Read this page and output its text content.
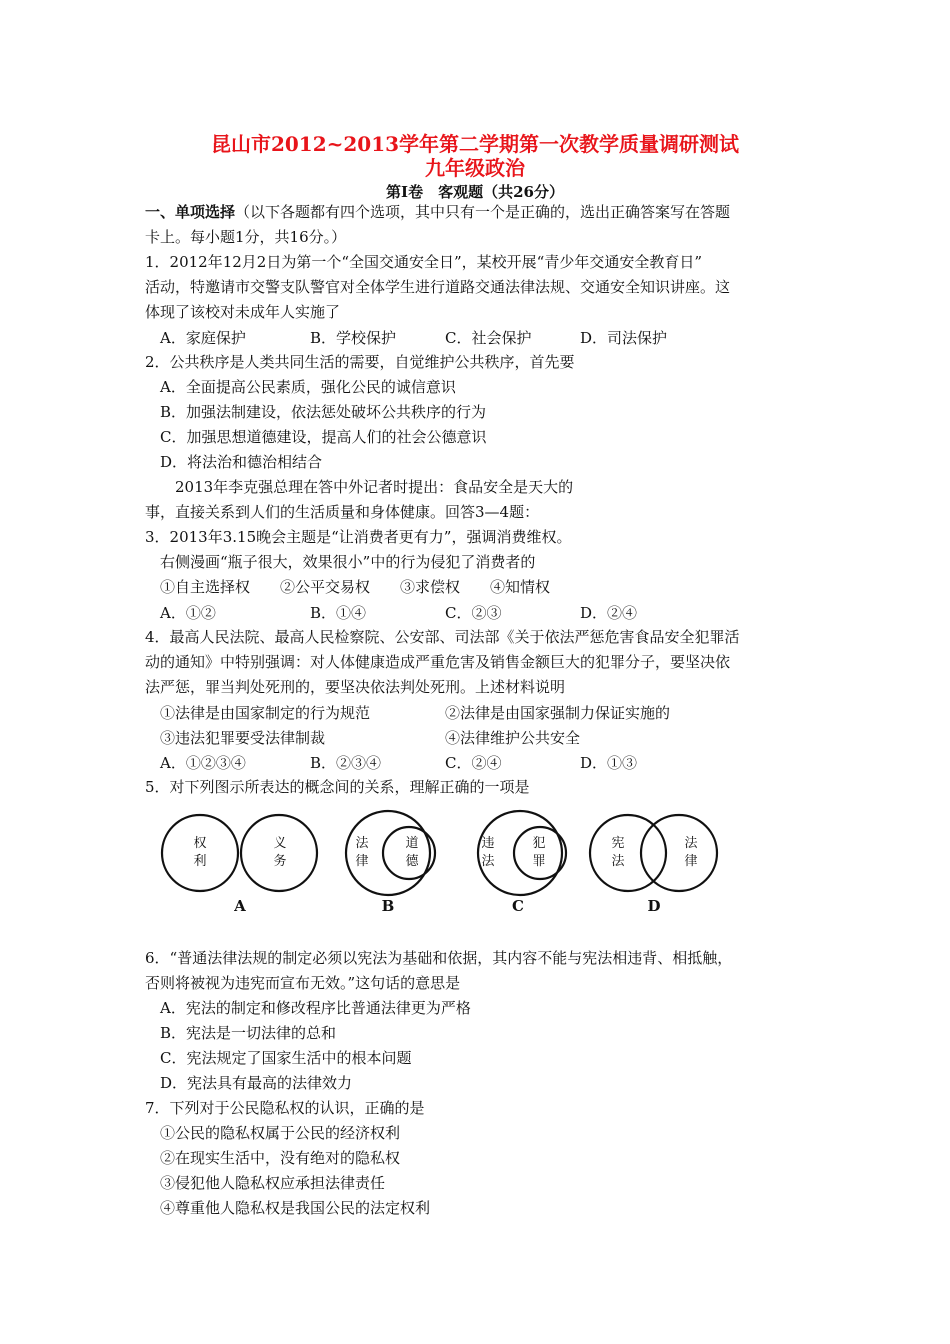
昆山市2012~2013学年第二学期第一次教学质量调研测试
九年级政治
第Ⅰ卷　客观题（共26分）
一、单项选择（以下各题都有四个选项，其中只有一个是正确的，选出正确答案写在答题
卡上。每小题1分，共16分。）
1．2012年12月2日为第一个“全国交通安全日”，某校开展“青少年交通安全教育日”
活动，特邀请市交警支队警官对全体学生进行道路交通法律法规、交通安全知识讲座。这
体现了该校对未成年人实施了
A．家庭保护	B．学校保护	C．社会保护	D．司法保护
2．公共秩序是人类共同生活的需要，自觉维护公共秩序，首先要
A．全面提高公民素质，强化公民的诚信意识
B．加强法制建设，依法惩处破坏公共秩序的行为
C．加强思想道德建设，提高人们的社会公德意识
D．将法治和德治相结合
2013年李克强总理在答中外记者时提出：食品安全是天大的
事，直接关系到人们的生活质量和身体健康。回答3—4题：
3．2013年3.15晚会主题是“让消费者更有力”，强调消费维权。
右侧漫画“瓶子很大，效果很小”中的行为侵犯了消费者的
①自主选择权　　②公平交易权　　③求偿权　　④知情权
A．①②	B．①④	C．②③	D．②④
4．最高人民法院、最高人民检察院、公安部、司法部《关于依法严惩危害食品安全犯罪活
动的通知》中特别强调：对人体健康造成严重危害及销售金额巨大的犯罪分子，要坚决依
法严惩，罪当判处死刑的，要坚决依法判处死刑。上述材料说明
①法律是由国家制定的行为规范	②法律是由国家强制力保证实施的
③违法犯罪要受法律制裁	④法律维护公共安全
A．①②③④	B．②③④	C．②④	D．①③
5．对下列图示所表达的概念间的关系，理解正确的一项是
权
利
义
务
法
律
道
德
违
法
犯
罪
宪
法
法
律
A	B	C	D
6．“普通法律法规的制定必须以宪法为基础和依据，其内容不能与宪法相违背、相抵触，
否则将被视为违宪而宣布无效。”这句话的意思是
A．宪法的制定和修改程序比普通法律更为严格
B．宪法是一切法律的总和
C．宪法规定了国家生活中的根本问题
D．宪法具有最高的法律效力
7．下列对于公民隐私权的认识，正确的是
①公民的隐私权属于公民的经济权利
②在现实生活中，没有绝对的隐私权
③侵犯他人隐私权应承担法律责任
④尊重他人隐私权是我国公民的法定权利
